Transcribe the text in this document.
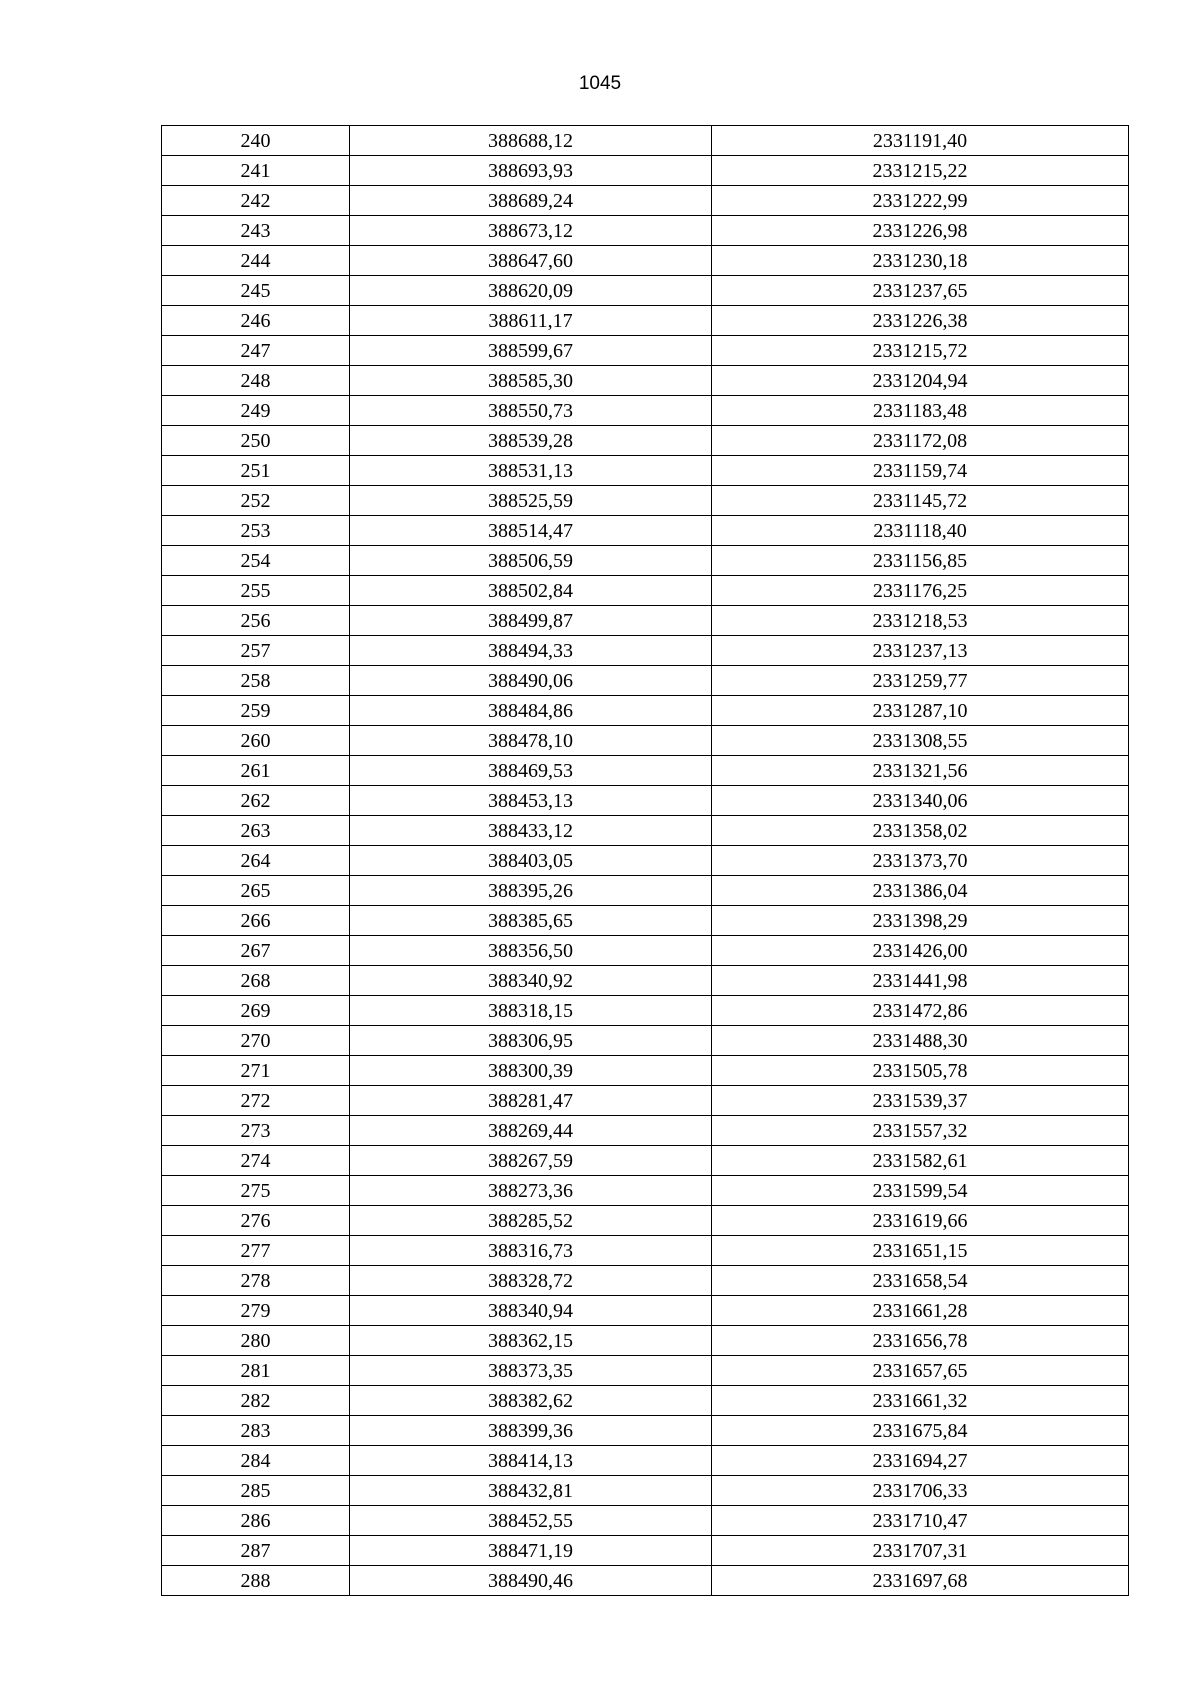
1045
240	388688,12	2331191,40
241	388693,93	2331215,22
242	388689,24	2331222,99
243	388673,12	2331226,98
244	388647,60	2331230,18
245	388620,09	2331237,65
246	388611,17	2331226,38
247	388599,67	2331215,72
248	388585,30	2331204,94
249	388550,73	2331183,48
250	388539,28	2331172,08
251	388531,13	2331159,74
252	388525,59	2331145,72
253	388514,47	2331118,40
254	388506,59	2331156,85
255	388502,84	2331176,25
256	388499,87	2331218,53
257	388494,33	2331237,13
258	388490,06	2331259,77
259	388484,86	2331287,10
260	388478,10	2331308,55
261	388469,53	2331321,56
262	388453,13	2331340,06
263	388433,12	2331358,02
264	388403,05	2331373,70
265	388395,26	2331386,04
266	388385,65	2331398,29
267	388356,50	2331426,00
268	388340,92	2331441,98
269	388318,15	2331472,86
270	388306,95	2331488,30
271	388300,39	2331505,78
272	388281,47	2331539,37
273	388269,44	2331557,32
274	388267,59	2331582,61
275	388273,36	2331599,54
276	388285,52	2331619,66
277	388316,73	2331651,15
278	388328,72	2331658,54
279	388340,94	2331661,28
280	388362,15	2331656,78
281	388373,35	2331657,65
282	388382,62	2331661,32
283	388399,36	2331675,84
284	388414,13	2331694,27
285	388432,81	2331706,33
286	388452,55	2331710,47
287	388471,19	2331707,31
288	388490,46	2331697,68
